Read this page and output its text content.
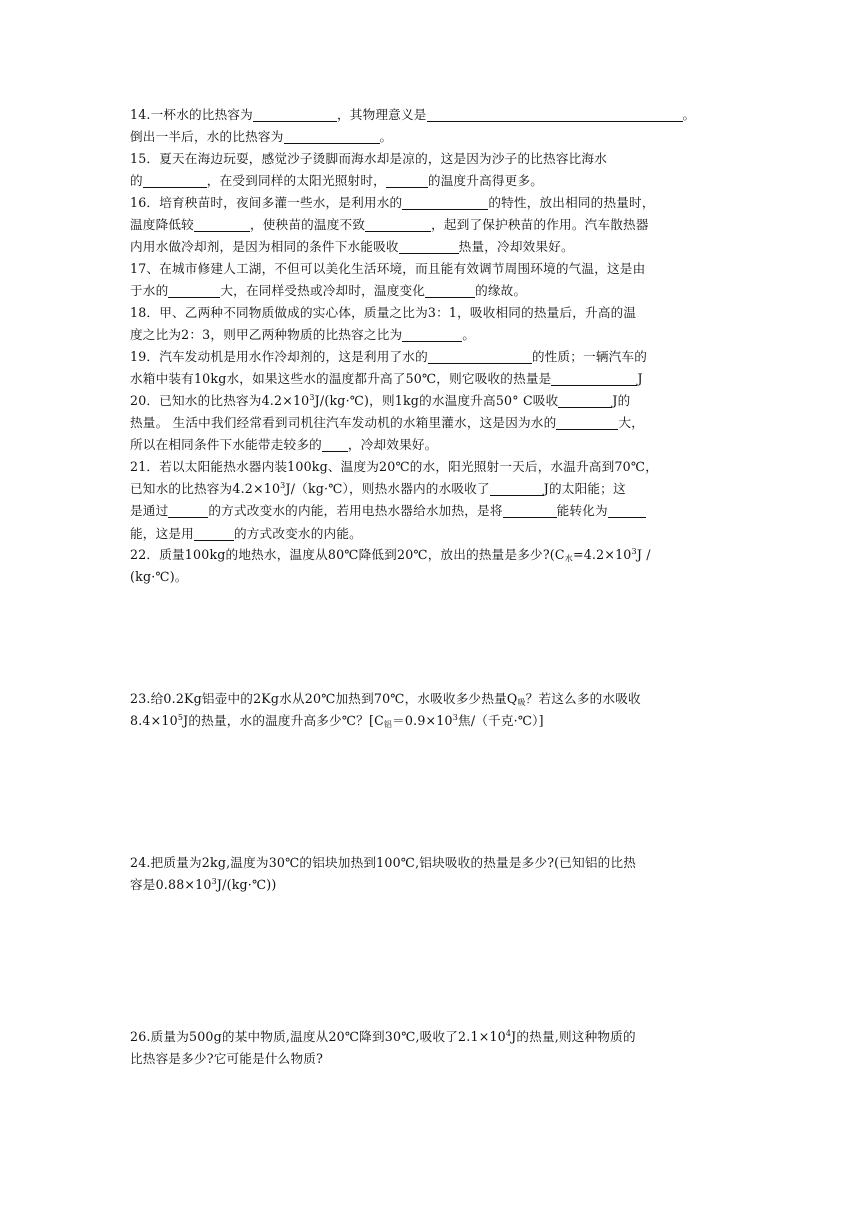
14.一杯水的比热容为	，其物理意义是	。
倒出一半后，水的比热容为	。
15．夏天在海边玩耍，感觉沙子烫脚而海水却是凉的，这是因为沙子的比热容比海水
的	，在受到同样的太阳光照射时，	的温度升高得更多。
16．培育秧苗时，夜间多灌一些水，是利用水的	的特性，放出相同的热量时，
温度降低较	，使秧苗的温度不致	，起到了保护秧苗的作用。汽车散热器
内用水做冷却剂，是因为相同的条件下水能吸收	热量，冷却效果好。
17、在城市修建人工湖，不但可以美化生活环境，而且能有效调节周围环境的气温，这是由
于水的	大，在同样受热或冷却时，温度变化	的缘故。
18．甲、乙两种不同物质做成的实心体，质量之比为3：1，吸收相同的热量后，升高的温
度之比为2：3，则甲乙两种物质的比热容之比为	。
19．汽车发动机是用水作冷却剂的，这是利用了水的	的性质；一辆汽车的
水箱中装有10kg水，如果这些水的温度都升高了50℃，则它吸收的热量是	J
20．已知水的比热容为$4.2\times 10^3J/(kg\cdot℃)$，则1kg的水温度升高50° C吸收	J的
热量。 生活中我们经常看到司机往汽车发动机的水箱里灌水，这是因为水的	大，
所以在相同条件下水能带走较多的 ，冷却效果好。
21．若以太阳能热水器内装100kg、温度为20℃的水，阳光照射一天后，水温升高到70℃，
已知水的比热容为$4.2\times 10^3J/(kg\cdot℃)$，则热水器内的水吸收了	J的太阳能；这
是通过	的方式改变水的内能，若用电热水器给水加热，是将	能转化为
能，这是用	的方式改变水的内能。
22．质量100kg的地热水，温度从80℃降低到20℃，放出的热量是多少$?(C_水=4.2\times 10^3J$ /
(kg·℃)。
23.给0.2Kg铝壶中的2Kg水从20℃加热到70℃，水吸收多少热量$Q_吸$？若这么多的水吸收
$8.4\times 10^5J$的热量，水的温度升高多少℃？[$C_铝=0.9\times 10^3$焦/（千克·℃）]
24.把质量为2kg,温度为30℃的铝块加热到100℃,铝块吸收的热量是多少?(已知铝的比热
容是$0.88\times 10^3J/(kg\cdot℃)$)
26.质量为500g的某中物质,温度从20℃降到30℃,吸收了$2.1\times 10^4J$的热量,则这种物质的
比热容是多少?它可能是什么物质?
